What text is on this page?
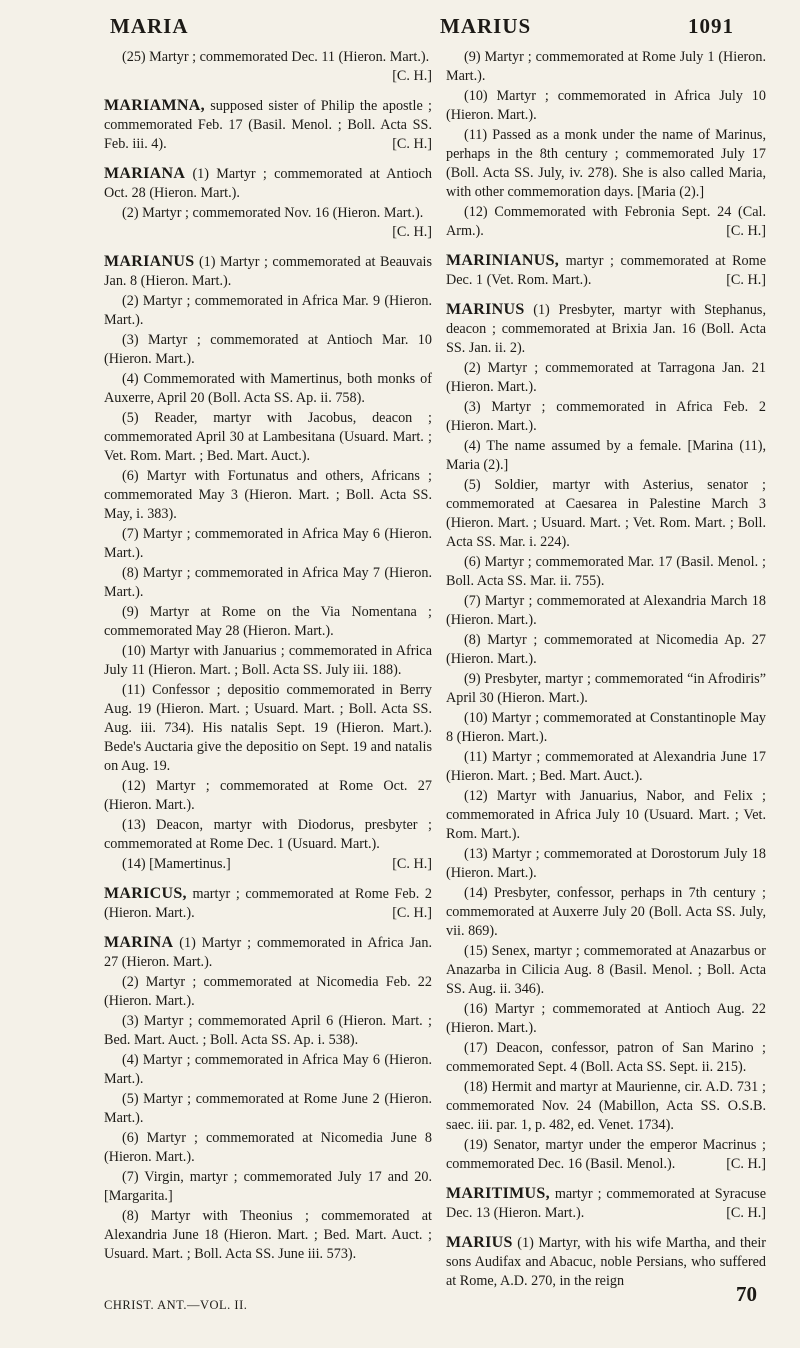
MARIA	MARIUS	1091

(25) Martyr ; commemorated Dec. 11 (Hieron. Mart.).
[C. H.]

MARIAMNA, supposed sister of Philip the apostle ; commemorated Feb. 17 (Basil. Menol. ; Boll. Acta SS. Feb. iii. 4).	[C. H.]

MARIANA (1) Martyr ; commemorated at Antioch Oct. 28 (Hieron. Mart.).

(2) Martyr ; commemorated Nov. 16 (Hieron. Mart.).
[C. H.]

MARIANUS (1) Martyr ; commemorated at Beauvais Jan. 8 (Hieron. Mart.).

(2) Martyr ; commemorated in Africa Mar. 9 (Hieron. Mart.).

(3) Martyr ; commemorated at Antioch Mar. 10 (Hieron. Mart.).

(4) Commemorated with Mamertinus, both monks of Auxerre, April 20 (Boll. Acta SS. Ap. ii. 758).

(5) Reader, martyr with Jacobus, deacon ; commemorated April 30 at Lambesitana (Usuard. Mart. ; Vet. Rom. Mart. ; Bed. Mart. Auct.).

(6) Martyr with Fortunatus and others, Africans ; commemorated May 3 (Hieron. Mart. ; Boll. Acta SS. May, i. 383).

(7) Martyr ; commemorated in Africa May 6 (Hieron. Mart.).

(8) Martyr ; commemorated in Africa May 7 (Hieron. Mart.).

(9) Martyr at Rome on the Via Nomentana ; commemorated May 28 (Hieron. Mart.).

(10) Martyr with Januarius ; commemorated in Africa July 11 (Hieron. Mart. ; Boll. Acta SS. July iii. 188).

(11) Confessor ; depositio commemorated in Berry Aug. 19 (Hieron. Mart. ; Usuard. Mart. ; Boll. Acta SS. Aug. iii. 734). His natalis Sept. 19 (Hieron. Mart.). Bede's Auctaria give the depositio on Sept. 19 and natalis on Aug. 19.

(12) Martyr ; commemorated at Rome Oct. 27 (Hieron. Mart.).

(13) Deacon, martyr with Diodorus, presbyter ; commemorated at Rome Dec. 1 (Usuard. Mart.).

(14) [Mamertinus.]	[C. H.]

MARICUS, martyr ; commemorated at Rome Feb. 2 (Hieron. Mart.).	[C. H.]

MARINA (1) Martyr ; commemorated in Africa Jan. 27 (Hieron. Mart.).

(2) Martyr ; commemorated at Nicomedia Feb. 22 (Hieron. Mart.).

(3) Martyr ; commemorated April 6 (Hieron. Mart. ; Bed. Mart. Auct. ; Boll. Acta SS. Ap. i. 538).

(4) Martyr ; commemorated in Africa May 6 (Hieron. Mart.).

(5) Martyr ; commemorated at Rome June 2 (Hieron. Mart.).

(6) Martyr ; commemorated at Nicomedia June 8 (Hieron. Mart.).

(7) Virgin, martyr ; commemorated July 17 and 20. [Margarita.]

(8) Martyr with Theonius ; commemorated at Alexandria June 18 (Hieron. Mart. ; Bed. Mart. Auct. ; Usuard. Mart. ; Boll. Acta SS. June iii. 573).

(9) Martyr ; commemorated at Rome July 1 (Hieron. Mart.).

(10) Martyr ; commemorated in Africa July 10 (Hieron. Mart.).

(11) Passed as a monk under the name of Marinus, perhaps in the 8th century ; commemorated July 17 (Boll. Acta SS. July, iv. 278). She is also called Maria, with other commemoration days. [Maria (2).]

(12) Commemorated with Febronia Sept. 24 (Cal. Arm.).	[C. H.]

MARINIANUS, martyr ; commemorated at Rome Dec. 1 (Vet. Rom. Mart.).	[C. H.]

MARINUS (1) Presbyter, martyr with Stephanus, deacon ; commemorated at Brixia Jan. 16 (Boll. Acta SS. Jan. ii. 2).

(2) Martyr ; commemorated at Tarragona Jan. 21 (Hieron. Mart.).

(3) Martyr ; commemorated in Africa Feb. 2 (Hieron. Mart.).

(4) The name assumed by a female. [Marina (11), Maria (2).]

(5) Soldier, martyr with Asterius, senator ; commemorated at Caesarea in Palestine March 3 (Hieron. Mart. ; Usuard. Mart. ; Vet. Rom. Mart. ; Boll. Acta SS. Mar. i. 224).

(6) Martyr ; commemorated Mar. 17 (Basil. Menol. ; Boll. Acta SS. Mar. ii. 755).

(7) Martyr ; commemorated at Alexandria March 18 (Hieron. Mart.).

(8) Martyr ; commemorated at Nicomedia Ap. 27 (Hieron. Mart.).

(9) Presbyter, martyr ; commemorated “in Afrodiris” April 30 (Hieron. Mart.).

(10) Martyr ; commemorated at Constantinople May 8 (Hieron. Mart.).

(11) Martyr ; commemorated at Alexandria June 17 (Hieron. Mart. ; Bed. Mart. Auct.).

(12) Martyr with Januarius, Nabor, and Felix ; commemorated in Africa July 10 (Usuard. Mart. ; Vet. Rom. Mart.).

(13) Martyr ; commemorated at Dorostorum July 18 (Hieron. Mart.).

(14) Presbyter, confessor, perhaps in 7th century ; commemorated at Auxerre July 20 (Boll. Acta SS. July, vii. 869).

(15) Senex, martyr ; commemorated at Anazarbus or Anazarba in Cilicia Aug. 8 (Basil. Menol. ; Boll. Acta SS. Aug. ii. 346).

(16) Martyr ; commemorated at Antioch Aug. 22 (Hieron. Mart.).

(17) Deacon, confessor, patron of San Marino ; commemorated Sept. 4 (Boll. Acta SS. Sept. ii. 215).

(18) Hermit and martyr at Maurienne, cir. A.D. 731 ; commemorated Nov. 24 (Mabillon, Acta SS. O.S.B. saec. iii. par. 1, p. 482, ed. Venet. 1734).

(19) Senator, martyr under the emperor Macrinus ; commemorated Dec. 16 (Basil. Menol.).	[C. H.]

MARITIMUS, martyr ; commemorated at Syracuse Dec. 13 (Hieron. Mart.).	[C. H.]

MARIUS (1) Martyr, with his wife Martha, and their sons Audifax and Abacuc, noble Persians, who suffered at Rome, A.D. 270, in the reign

CHRIST. ANT.—VOL. II.	70
